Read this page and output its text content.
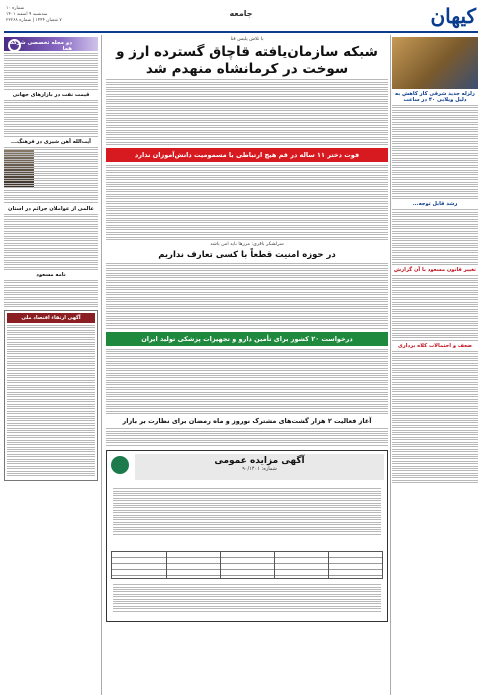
کیهان
جامعه
شماره ۱۰
سه‌شنبه ۹ اسفند ۱۴۰۱
۷ شعبان ۱۴۴۴ | شماره ۲۳۲۶۸
زلزله جدید شرقی کار کاهش به دلیل ویلایی ۴۰ در ساعت
رشد قابل توجه...
تغییر قانون مسعود با آن گزارش
ضعف و احتمالات کلاه برداری
با تلاش پلیس فتا
شبکه سازمان‌یافته قاچاق گسترده ارز و سوخت در کرمانشاه منهدم شد
فوت دختر ۱۱ ساله در قم هیچ ارتباطی با مسمومیت دانش‌آموزان ندارد
سرلشکر باقری: مرزها باید امن باشد
در حوزه امنیت قطعاً با کسی تعارف نداریم
درخواست ۲۰ کشور برای تأمین دارو و تجهیزات پزشکی تولید ایران
آغاز فعالیت ۲ هزار گشت‌های مشترک نوروز و ماه رمضان برای نظارت بر بازار
آگهی مزایده عمومی
شماره: ۹۰/۱۴۰۱
دو مجله تخصصی شرکت هما
قیمت نفت در بازارهای جهانی
آیت‌الله آهن شیری در فرهنگ...
عالمی از عواملان جرائم در استان
نامه مسعود
آگهی ارتقاء اقتصاد ملی
